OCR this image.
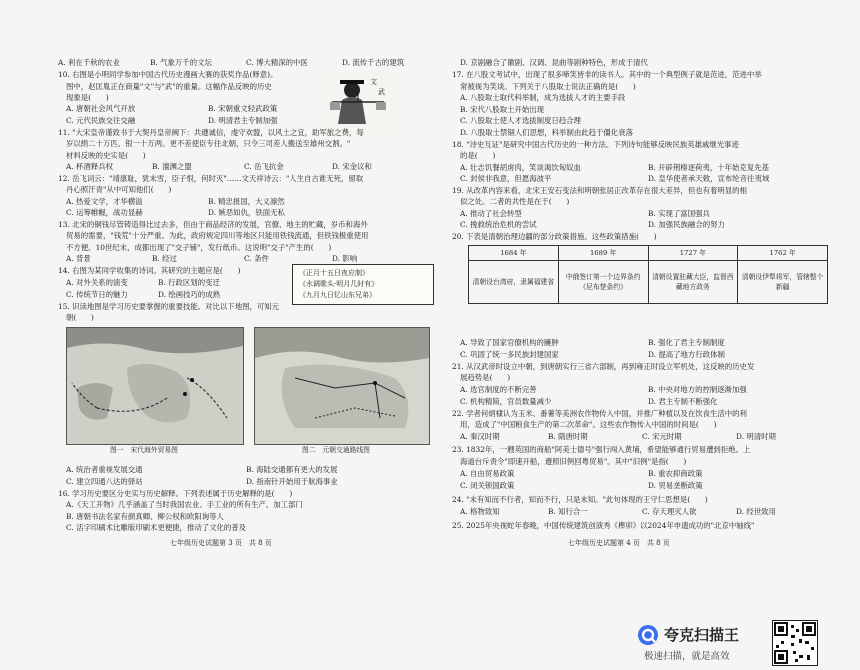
A. 利在千秋的农业	B. 气象万千的文坛	C. 博大精深的中医	D. 流传千古的建筑
10. 右图是小明同学参加中国古代历史漫画大赛的获奖作品(释意)。
图中，赵匡胤正在商量"文"与"武"的重量。这幅作品反映的历史
现象是(　　)
A. 唐朝社会风气开放	B. 宋朝重文轻武政策
C. 元代民族交往交融	D. 明清君主专制加强
文
武
11. "大宋皇帝谨致书于大契丹皇帝阙下：共遵诚信，虔守欢盟，以风土之宜，助军旅之费，每
岁以绢二十万匹、银一十万两。更不差使臣专往北朝，只令三司差人搬送至雄州交割。"
材料反映的史实是(　　)
A. 杯酒释兵权	B. 澶渊之盟	C. 岳飞抗金	D. 宋金议和
12. 岳飞词云："靖康耻，犹未雪，臣子恨，何时灭"……文天祥诗云："人生自古谁无死，留取
丹心照汗青"从中可知他们(　　)
A. 热爱文学，才华横溢	B. 精忠报国，大义凛然
C. 运筹帷幄，战功显赫	D. 嫉恶如仇，铁面无私
13. 北宋的铜钱尽管铸造得比过去多，但由于商品经济的发展，官僚、地主的贮藏，岁币和海外
贸易的需要，"钱荒"十分严重。为此，政府规定四川等地区只能用铁钱流通，但铁钱极重使用
不方便。10世纪末，成都出现了"交子铺"，发行纸币。这说明"交子"产生的(　　)
A. 背景	B. 经过	C. 条件	D. 影响
14. 右图为某同学收集的诗词。其研究的主题应是(　　)
A. 对外关系的演变	B. 行政区划的变迁
C. 传统节日的魅力	D. 绘画技巧的成熟
《正月十五日夜应制》
《水调歌头·明月几时有》
《九月九日忆山东兄弟》
15. 识读地图是学习历史要掌握的重要技能。对比以下地图，可知元
朝(　　)
图一　宋代海外贸易图	图二　元朝交通路线图
A. 统治者重视发展交通	B. 海陆交通都有更大的发展
C. 建立四通八达的驿站	D. 指南针开始用于航海事业
16. 学习历史要区分史实与历史解释。下列表述属于历史解释的是(　　)
A.《天工开物》几乎涵盖了当时我国农业、手工业的所有生产、加工部门
B. 唐朝书法名家有颜真卿、柳公权和欧阳询等人
C. 活字印刷术比雕版印刷术更便捷，推动了文化的普及
七年级历史试题第 3 页　共 8 页
D. 京剧融合了徽剧、汉调、昆曲等剧种特色，形成于清代
17. 在八股文考试中，出现了很多啼笑皆非的读书人。其中的一个典型例子就是范进，范进中举
常被视为笑谈。下列关于八股取士说法正确的是(　　)
A. 八股取士取代科举制，成为选拔人才的主要手段
B. 宋代八股取士开始出现
C. 八股取士使人才选拔制度日趋合理
D. 八股取士禁锢人们思想，科举制由此趋于僵化衰落
18. "诗史互证"是研究中国古代历史的一种方法。下列诗句能够反映民族英雄戚继光事迹
的是(　　)
A. 壮志饥餐胡虏肉，笑谈渴饮匈奴血	B. 开辟荆榛逐荷夷，十年始克复先基
C. 封侯非我意，但愿海波平	D. 皇华使者承天敕，宣布纶音往夷域
19. 从改革内容来看，北宋王安石变法和明朝张居正改革存在很大差异，但也有着明显的相
似之处。二者的共性是在于(　　)
A. 推动了社会转型	B. 实现了富国强兵
C. 挽救统治危机的尝试	D. 加强民族融合的努力
20. 下表是清朝治理边疆的部分政策措施。这些政策措施(　　)
1684 年	1689 年	1727 年	1762 年
清朝设台湾府，隶属福建省	中俄签订第一个边界条约《尼布楚条约》	清朝设置驻藏大臣，监督西藏地方政务	清朝设伊犁将军，管辖整个新疆
A. 导致了国家官僚机构的臃肿	B. 强化了君主专制制度
C. 巩固了统一多民族封建国家	D. 提高了地方行政体制
21. 从汉武帝时设立中朝，到唐朝实行三省六部制，再到雍正时设立军机处，这反映的历史发
展趋势是(　　)
A. 选官制度的不断完善	B. 中央对地方的控制逐渐加强
C. 机构精简，官员数量减少	D. 君主专制不断强化
22. 学者何炳棣认为玉米、番薯等美洲农作物传入中国，并推广种植以及在饮食生活中的利
用，造成了"中国粮食生产的第二次革命"。这些农作物传入中国的时间是(　　)
A. 秦汉时期	B. 隋唐时期	C. 宋元时期	D. 明清时期
23. 1832年，一艘英国的商船"阿美士德号"强行闯入黄埔，希望能够通行贸易遭到拒绝。上
海道台斥责令"即速开船，遵照旧例回粤贸易"。其中"旧例"是指(　　)
A. 自由贸易政策	B. 重农抑商政策
C. 闭关锁国政策	D. 贸易垄断政策
24. "未有知而不行者，知而不行，只是未知。"此句体现的王守仁思想是(　　)
A. 格物致知	B. 知行合一	C. 存天理灭人欲	D. 经世致用
25. 2025年央视蛇年春晚，中国传统建筑创演秀《榫卯》以2024年申遗成功的"北京中轴线"
七年级历史试题第 4 页　共 8 页
夸克扫描王
极速扫描，就是高效
